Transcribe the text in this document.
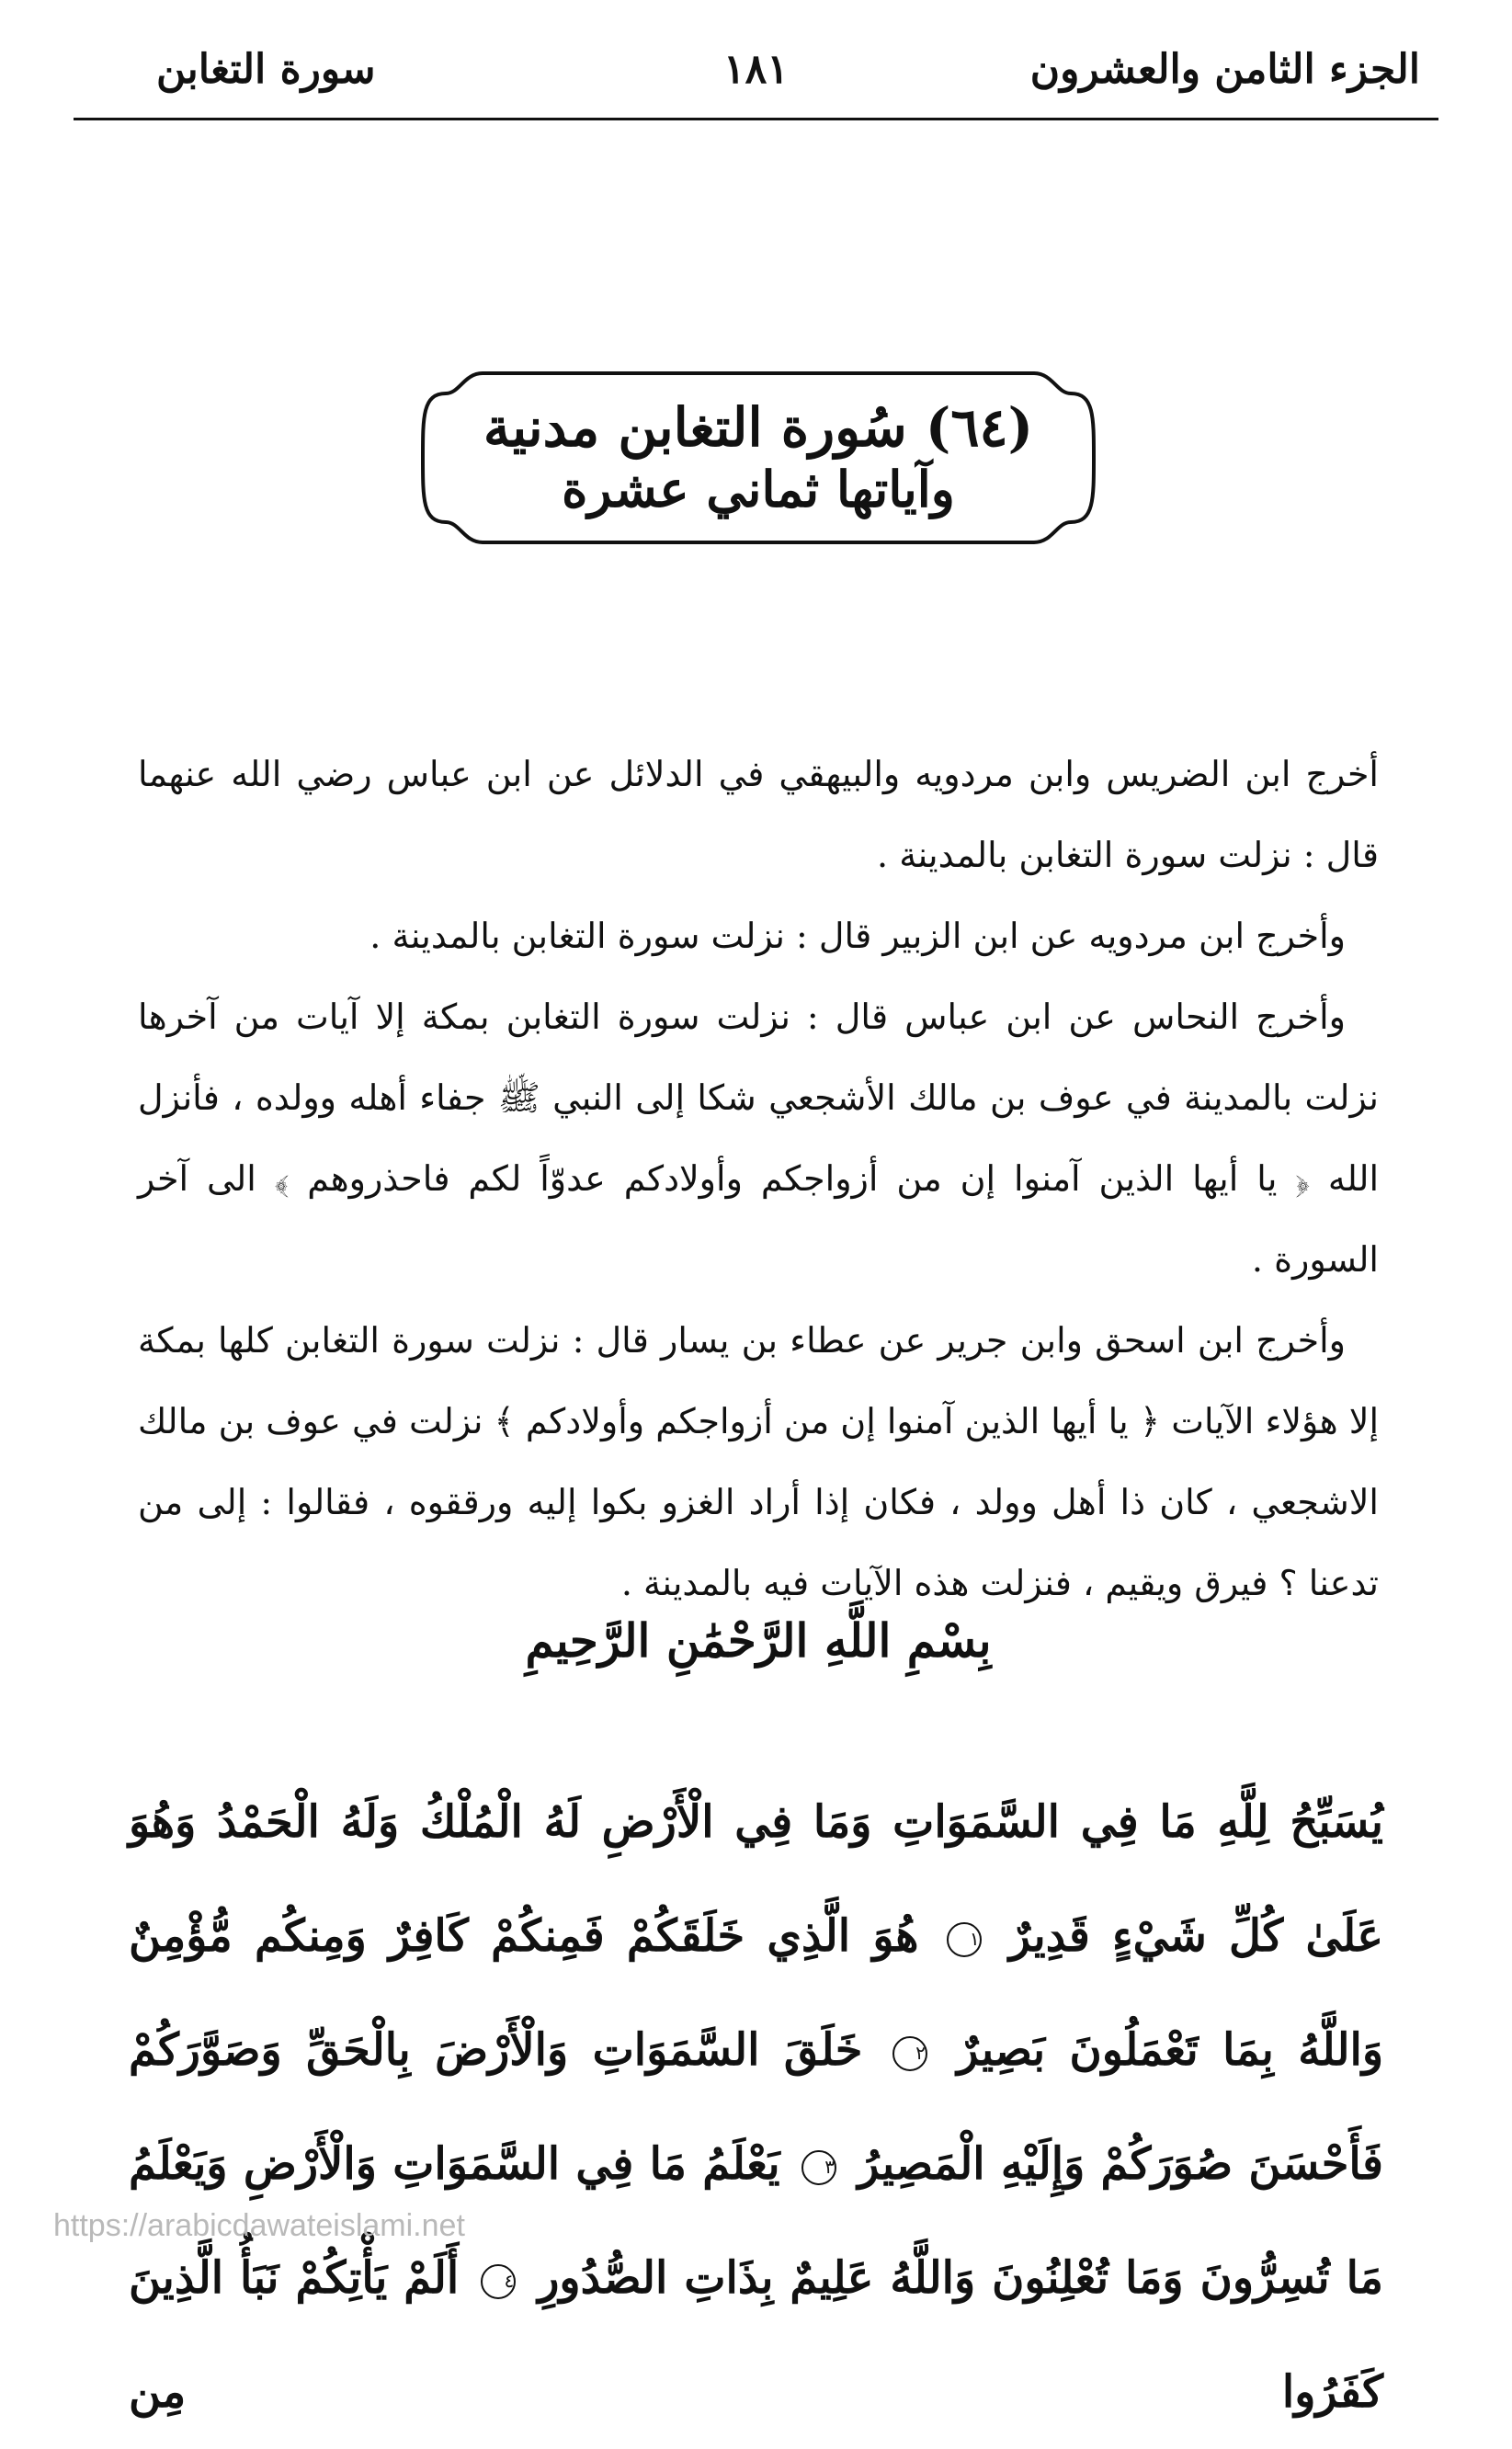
الجزء الثامن والعشرون
١٨١
سورة التغابن
(٦٤) سُورة التغابن مدنية
وآياتها ثماني عشرة

أخرج ابن الضريس وابن مردويه والبيهقي في الدلائل عن ابن عباس رضي الله عنهما قال : نزلت سورة التغابن بالمدينة .

وأخرج ابن مردويه عن ابن الزبير قال : نزلت سورة التغابن بالمدينة .

وأخرج النحاس عن ابن عباس قال : نزلت سورة التغابن بمكة إلا آيات من آخرها نزلت بالمدينة في عوف بن مالك الأشجعي شكا إلى النبي ﷺ جفاء أهله وولده ، فأنزل الله ﴿ يا أيها الذين آمنوا إن من أزواجكم وأولادكم عدوّاً لكم فاحذروهم ﴾ الى آخر السورة .

وأخرج ابن اسحق وابن جرير عن عطاء بن يسار قال : نزلت سورة التغابن كلها بمكة إلا هؤلاء الآيات ﴿ يا أيها الذين آمنوا إن من أزواجكم وأولادكم ﴾ نزلت في عوف بن مالك الاشجعي ، كان ذا أهل وولد ، فكان إذا أراد الغزو بكوا إليه ورققوه ، فقالوا : إلى من تدعنا ؟ فيرق ويقيم ، فنزلت هذه الآيات فيه بالمدينة .

بِسْمِ اللَّهِ الرَّحْمَٰنِ الرَّحِيمِ

يُسَبِّحُ لِلَّهِ مَا فِي السَّمَوَاتِ وَمَا فِي الْأَرْضِ لَهُ الْمُلْكُ وَلَهُ الْحَمْدُ وَهُوَ عَلَىٰ كُلِّ شَيْءٍ قَدِيرٌ ١ هُوَ الَّذِي خَلَقَكُمْ فَمِنكُمْ كَافِرٌ وَمِنكُم مُّؤْمِنٌ وَاللَّهُ بِمَا تَعْمَلُونَ بَصِيرٌ ٢ خَلَقَ السَّمَوَاتِ وَالْأَرْضَ بِالْحَقِّ وَصَوَّرَكُمْ فَأَحْسَنَ صُوَرَكُمْ وَإِلَيْهِ الْمَصِيرُ ٣ يَعْلَمُ مَا فِي السَّمَوَاتِ وَالْأَرْضِ وَيَعْلَمُ مَا تُسِرُّونَ وَمَا تُعْلِنُونَ وَاللَّهُ عَلِيمٌ بِذَاتِ الصُّدُورِ ٤ أَلَمْ يَأْتِكُمْ نَبَأُ الَّذِينَ كَفَرُوا مِن

https://arabicdawateislami.net
